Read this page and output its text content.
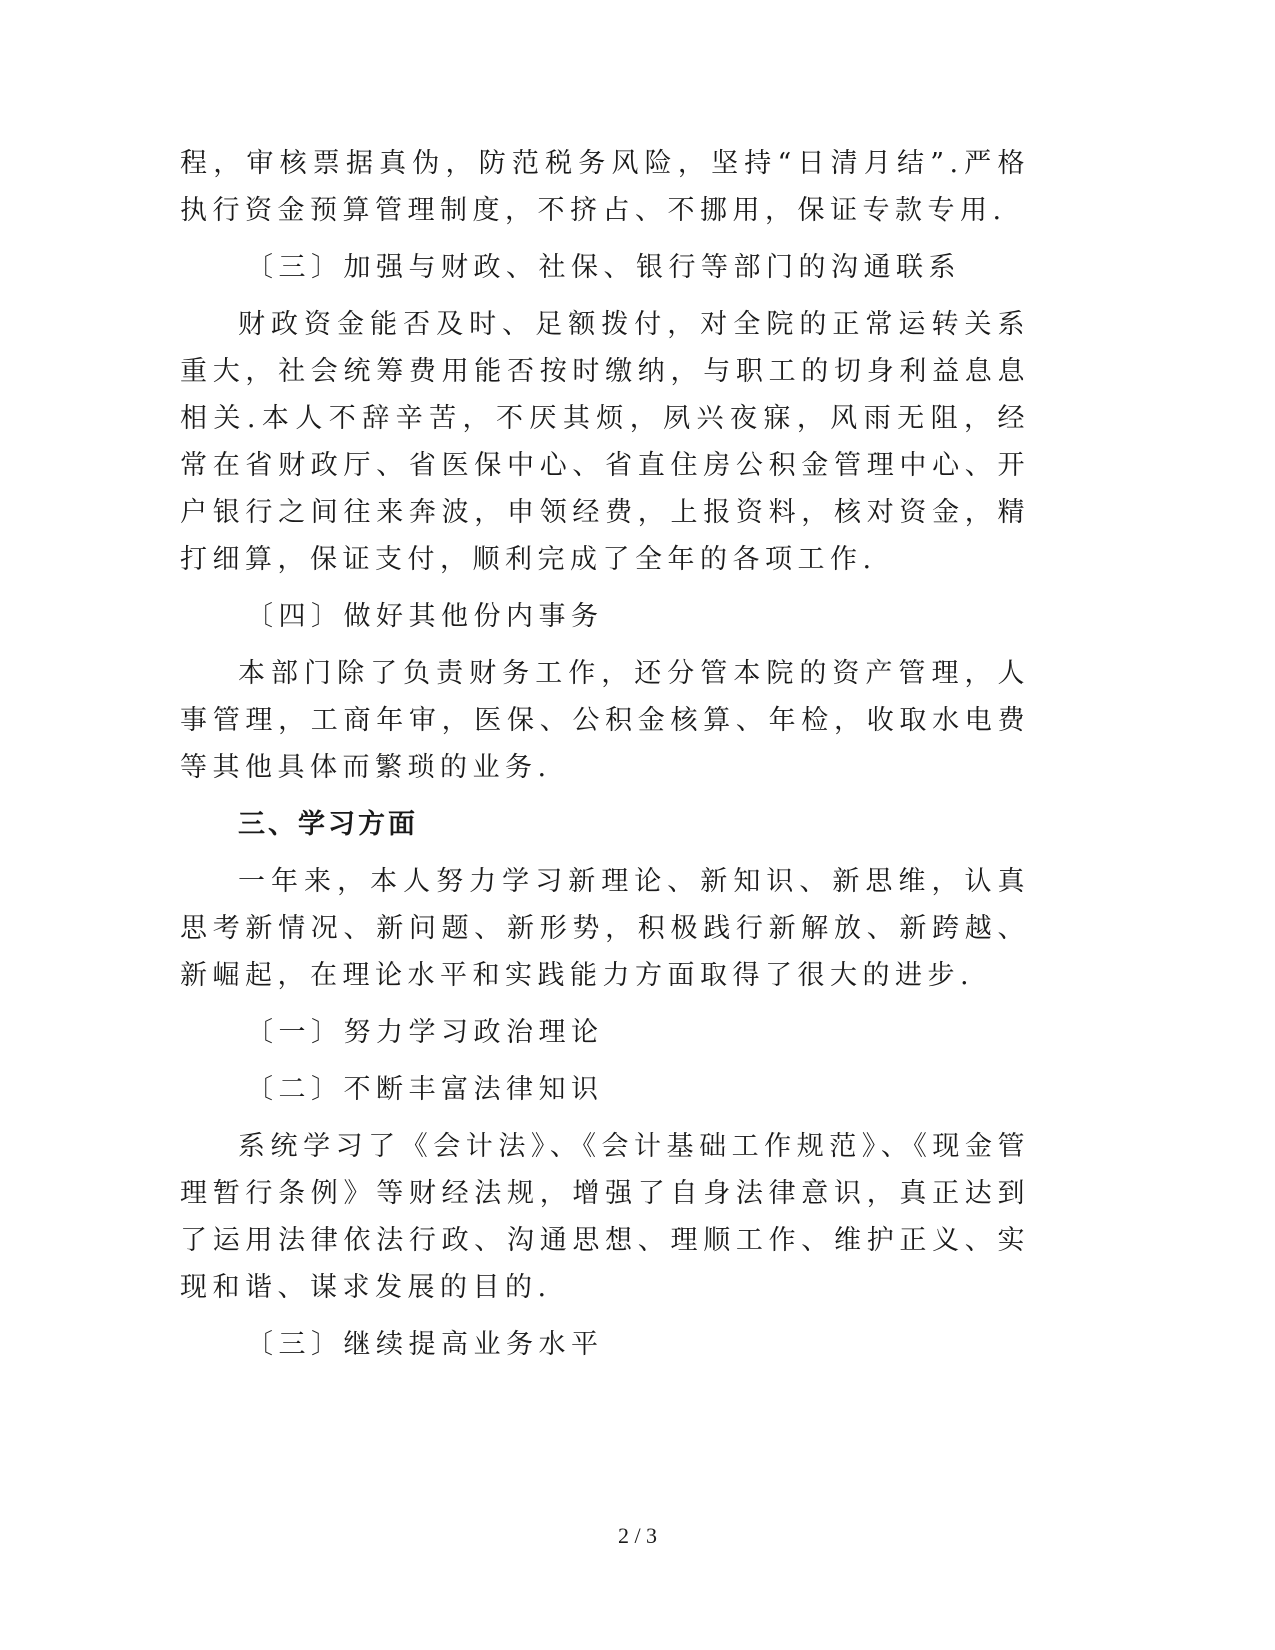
程，审核票据真伪，防范税务风险，坚持“日清月结”.严格执行资金预算管理制度，不挤占、不挪用，保证专款专用.

〔三〕加强与财政、社保、银行等部门的沟通联系

财政资金能否及时、足额拨付，对全院的正常运转关系重大，社会统筹费用能否按时缴纳，与职工的切身利益息息相关.本人不辞辛苦，不厌其烦，夙兴夜寐，风雨无阻，经常在省财政厅、省医保中心、省直住房公积金管理中心、开户银行之间往来奔波，申领经费，上报资料，核对资金，精打细算，保证支付，顺利完成了全年的各项工作.

〔四〕做好其他份内事务

本部门除了负责财务工作，还分管本院的资产管理，人事管理，工商年审，医保、公积金核算、年检，收取水电费等其他具体而繁琐的业务.

三、学习方面

一年来，本人努力学习新理论、新知识、新思维，认真思考新情况、新问题、新形势，积极践行新解放、新跨越、新崛起，在理论水平和实践能力方面取得了很大的进步.

〔一〕努力学习政治理论

〔二〕不断丰富法律知识

系统学习了《会计法》、《会计基础工作规范》、《现金管理暂行条例》等财经法规，增强了自身法律意识，真正达到了运用法律依法行政、沟通思想、理顺工作、维护正义、实现和谐、谋求发展的目的.

〔三〕继续提高业务水平

2 / 3
